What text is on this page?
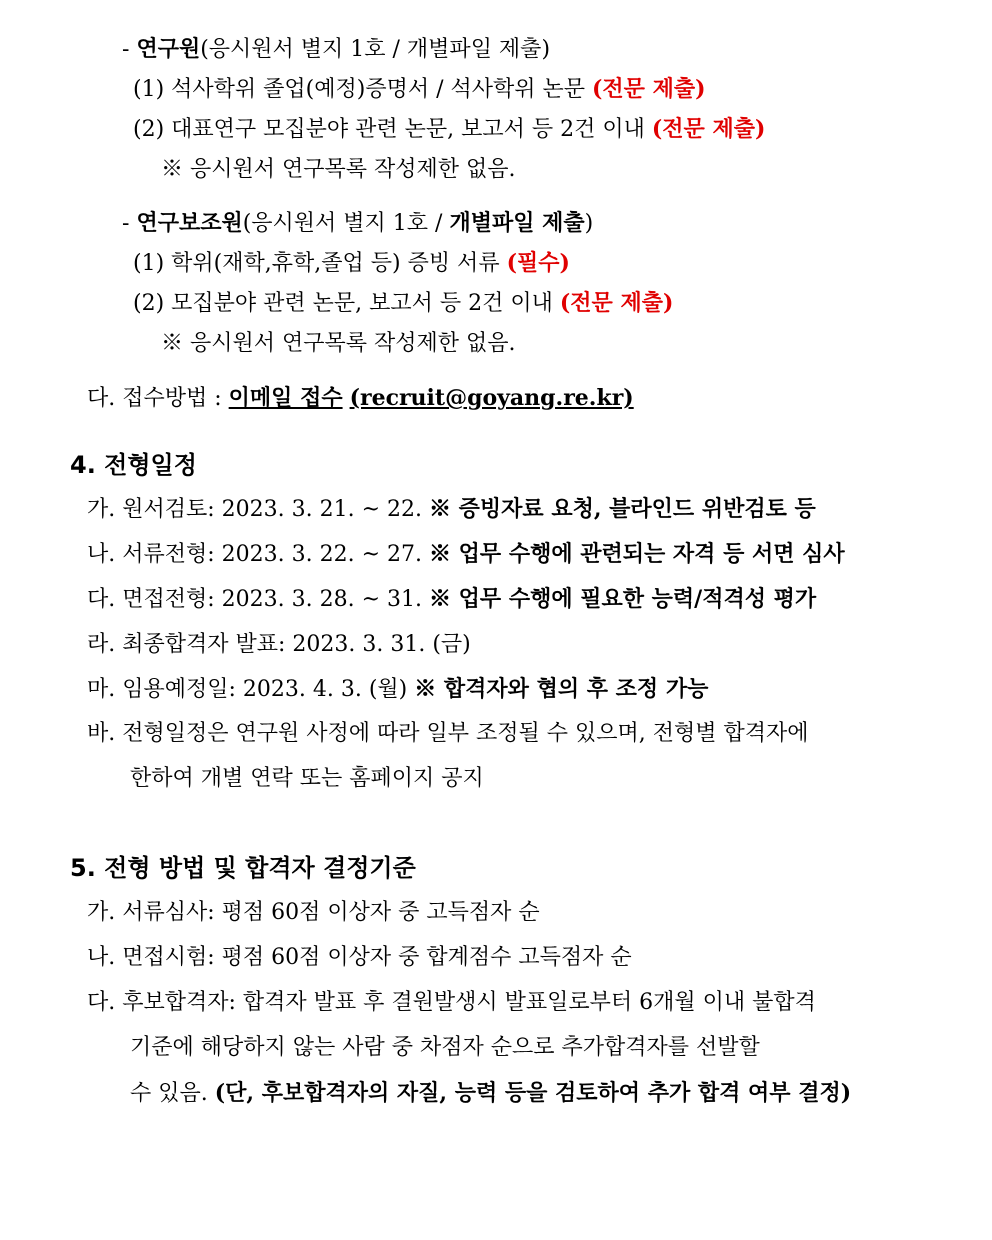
- 연구원(응시원서 별지 1호 / 개별파일 제출)
(1) 석사학위 졸업(예정)증명서 / 석사학위 논문 (전문 제출)
(2) 대표연구 모집분야 관련 논문, 보고서 등 2건 이내 (전문 제출)
※ 응시원서 연구목록 작성제한 없음.
- 연구보조원(응시원서 별지 1호 / 개별파일 제출)
(1) 학위(재학,휴학,졸업 등) 증빙 서류 (필수)
(2) 모집분야 관련 논문, 보고서 등 2건 이내 (전문 제출)
※ 응시원서 연구목록 작성제한 없음.
다. 접수방법 : 이메일 접수 (recruit@goyang.re.kr)
4. 전형일정
가. 원서검토: 2023. 3. 21. ~ 22. ※ 증빙자료 요청, 블라인드 위반검토 등
나. 서류전형: 2023. 3. 22. ~ 27. ※ 업무 수행에 관련되는 자격 등 서면 심사
다. 면접전형: 2023. 3. 28. ~ 31. ※ 업무 수행에 필요한 능력/적격성 평가
라. 최종합격자 발표: 2023. 3. 31. (금)
마. 임용예정일: 2023. 4. 3. (월) ※ 합격자와 협의 후 조정 가능
바. 전형일정은 연구원 사정에 따라 일부 조정될 수 있으며, 전형별 합격자에
한하여 개별 연락 또는 홈페이지 공지
5. 전형 방법 및 합격자 결정기준
가. 서류심사: 평점 60점 이상자 중 고득점자 순
나. 면접시험: 평점 60점 이상자 중 합계점수 고득점자 순
다. 후보합격자: 합격자 발표 후 결원발생시 발표일로부터 6개월 이내 불합격
기준에 해당하지 않는 사람 중 차점자 순으로 추가합격자를 선발할
수 있음. (단, 후보합격자의 자질, 능력 등을 검토하여 추가 합격 여부 결정)
